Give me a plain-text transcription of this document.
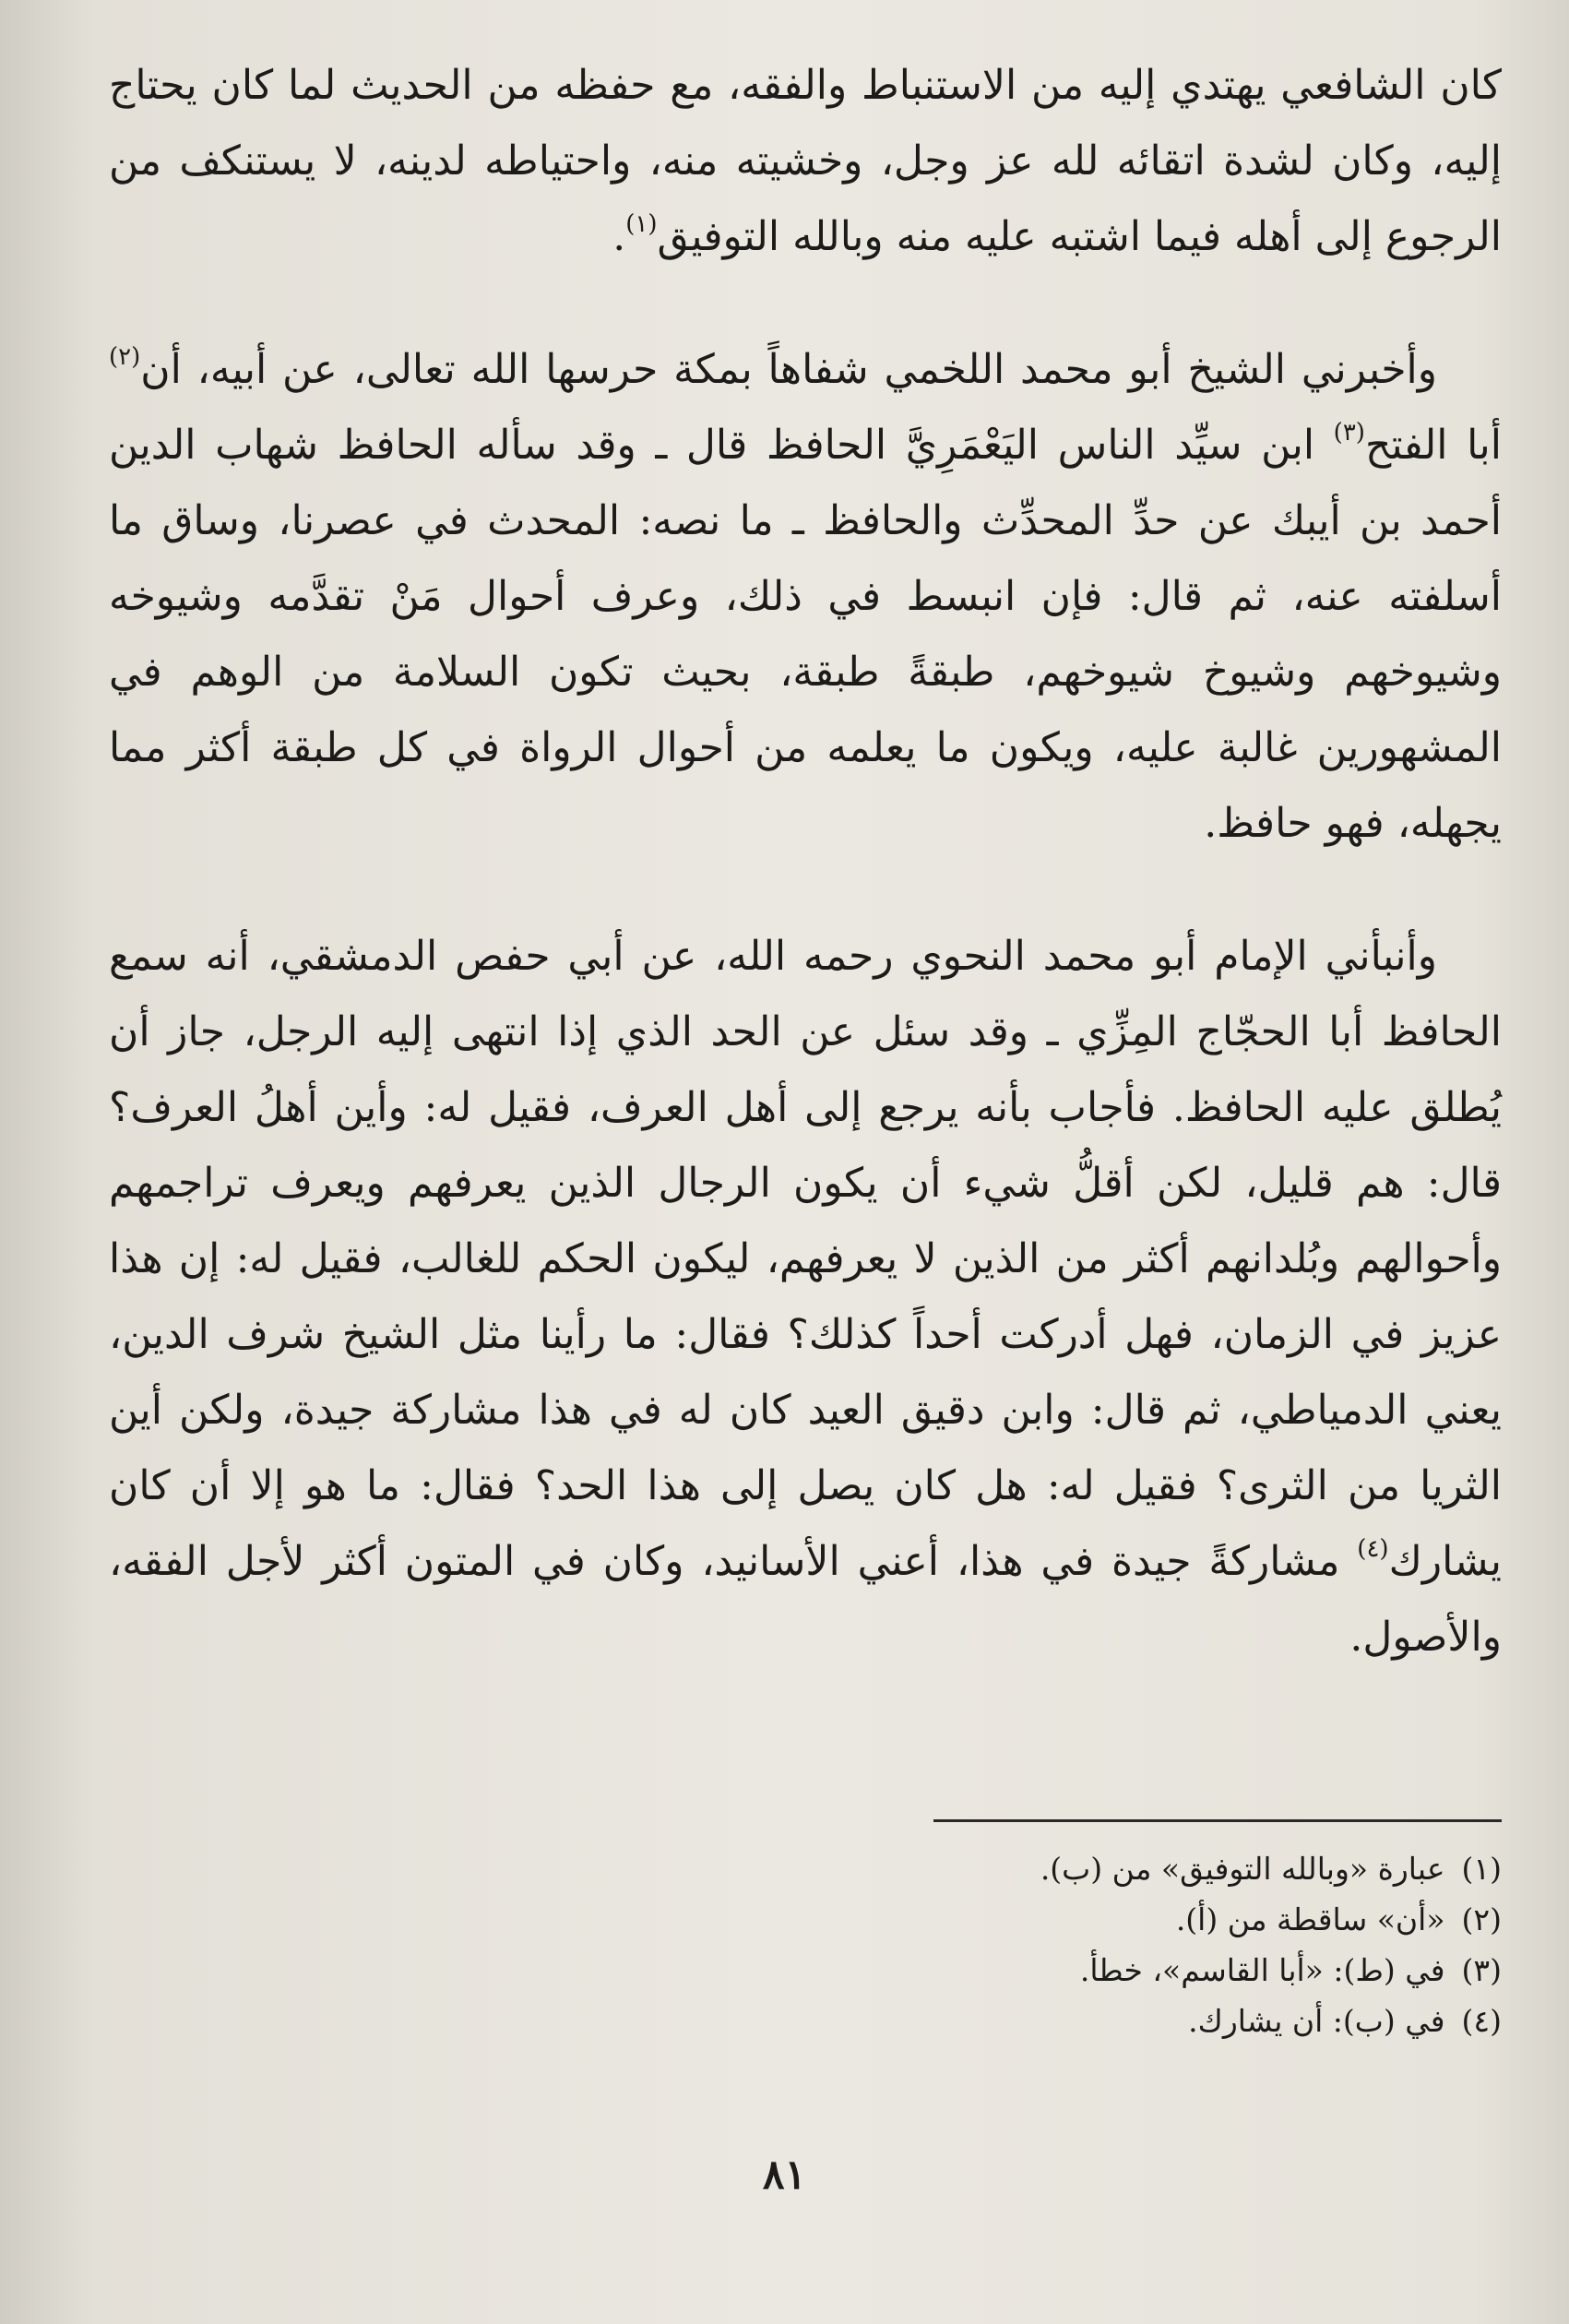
كان الشافعي يهتدي إليه من الاستنباط والفقه، مع حفظه من الحديث لما كان يحتاج إليه، وكان لشدة اتقائه لله عز وجل، وخشيته منه، واحتياطه لدينه، لا يستنكف من الرجوع إلى أهله فيما اشتبه عليه منه وبالله التوفيق$^{(١)}$.

وأخبرني الشيخ أبو محمد اللخمي شفاهاً بمكة حرسها الله تعالى، عن أبيه، أن$^{(٢)}$ أبا الفتح$^{(٣)}$ ابن سيِّد الناس اليَعْمَرِيَّ الحافظ قال ـ وقد سأله الحافظ شهاب الدين أحمد بن أيبك عن حدِّ المحدِّث والحافظ ـ ما نصه: المحدث في عصرنا، وساق ما أسلفته عنه، ثم قال: فإن انبسط في ذلك، وعرف أحوال مَنْ تقدَّمه وشيوخه وشيوخهم وشيوخ شيوخهم، طبقةً طبقة، بحيث تكون السلامة من الوهم في المشهورين غالبة عليه، ويكون ما يعلمه من أحوال الرواة في كل طبقة أكثر مما يجهله، فهو حافظ.

وأنبأني الإمام أبو محمد النحوي رحمه الله، عن أبي حفص الدمشقي، أنه سمع الحافظ أبا الحجّاج المِزِّي ـ وقد سئل عن الحد الذي إذا انتهى إليه الرجل، جاز أن يُطلق عليه الحافظ. فأجاب بأنه يرجع إلى أهل العرف، فقيل له: وأين أهلُ العرف؟ قال: هم قليل، لكن أقلُّ شيء أن يكون الرجال الذين يعرفهم ويعرف تراجمهم وأحوالهم وبُلدانهم أكثر من الذين لا يعرفهم، ليكون الحكم للغالب، فقيل له: إن هذا عزيز في الزمان، فهل أدركت أحداً كذلك؟ فقال: ما رأينا مثل الشيخ شرف الدين، يعني الدمياطي، ثم قال: وابن دقيق العيد كان له في هذا مشاركة جيدة، ولكن أين الثريا من الثرى؟ فقيل له: هل كان يصل إلى هذا الحد؟ فقال: ما هو إلا أن كان يشارك$^{(٤)}$ مشاركةً جيدة في هذا، أعني الأسانيد، وكان في المتون أكثر لأجل الفقه، والأصول.

(١)عبارة «وبالله التوفيق» من (ب).

(٢)«أن» ساقطة من (أ).

(٣)في (ط): «أبا القاسم»، خطأ.

(٤)في (ب): أن يشارك.

٨١
